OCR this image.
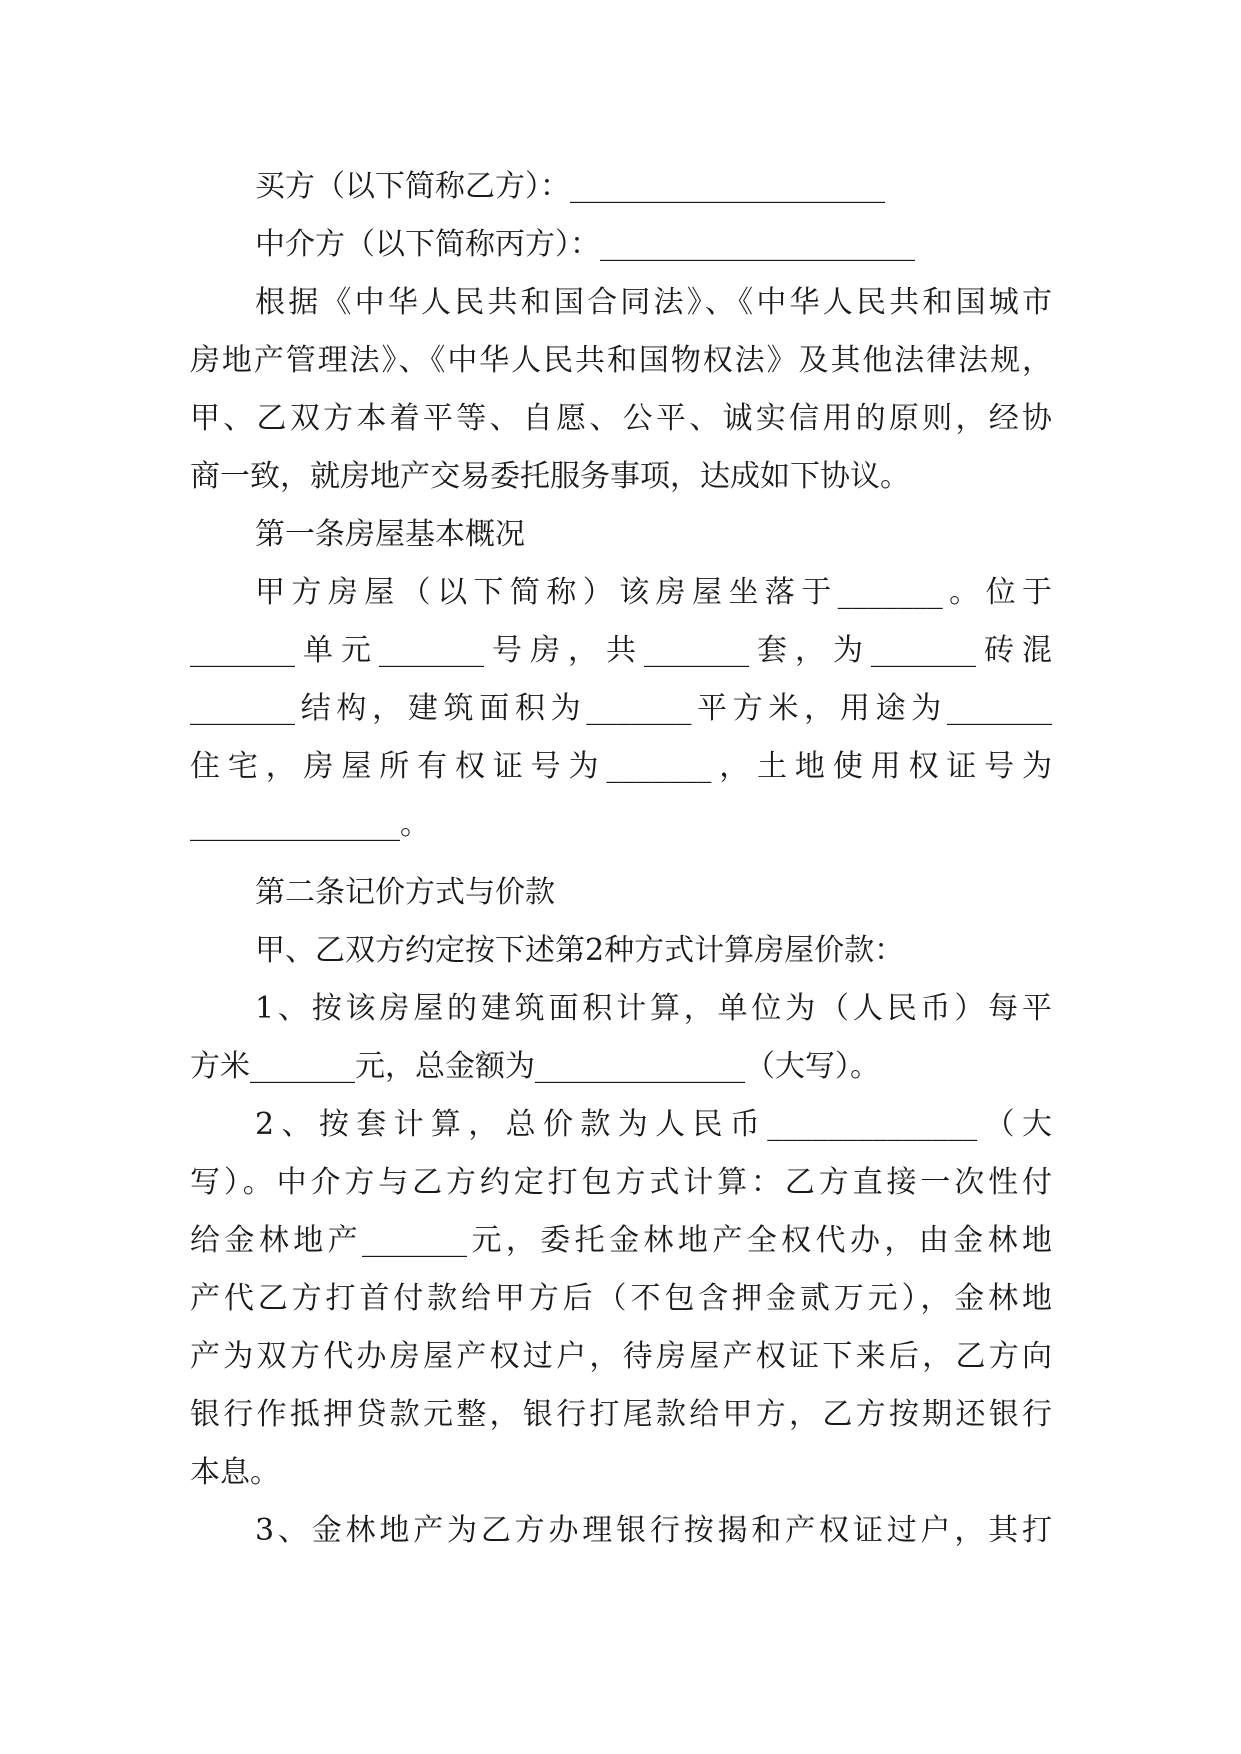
买方（以下简称乙方）：_____________________
中介方（以下简称丙方）：_____________________
根据《中华人民共和国合同法》、《中华人民共和国城市
房地产管理法》、《中华人民共和国物权法》及其他法律法规，
甲、乙双方本着平等、自愿、公平、诚实信用的原则，经协
商一致，就房地产交易委托服务事项，达成如下协议。
第一条房屋基本概况
甲方房屋（以下简称）该房屋坐落于_______。位于
_______单元_______号房，共_______套，为_______砖混
_______结构，建筑面积为_______平方米，用途为_______
住宅，房屋所有权证号为_______，土地使用权证号为
______________。
第二条记价方式与价款
甲、乙双方约定按下述第2种方式计算房屋价款：
1、按该房屋的建筑面积计算，单位为（人民币）每平
方米_______元，总金额为______________（大写）。
2、按套计算，总价款为人民币______________（大
写）。中介方与乙方约定打包方式计算：乙方直接一次性付
给金林地产_______元，委托金林地产全权代办，由金林地
产代乙方打首付款给甲方后（不包含押金贰万元），金林地
产为双方代办房屋产权过户，待房屋产权证下来后，乙方向
银行作抵押贷款元整，银行打尾款给甲方，乙方按期还银行
本息。
3、金林地产为乙方办理银行按揭和产权证过户，其打
